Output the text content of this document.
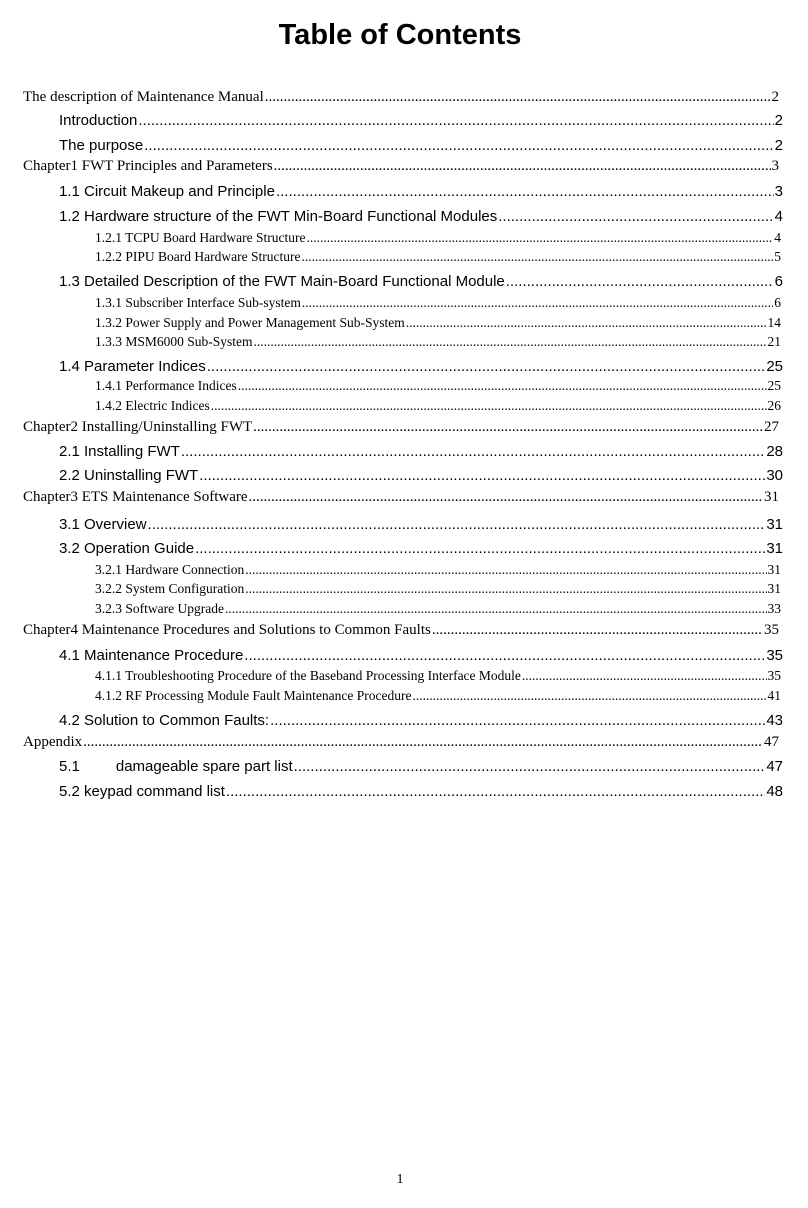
Table of Contents
The description of Maintenance Manual .....	2
Introduction .....	2
The purpose .....	2
Chapter1 FWT Principles and Parameters .....	3
1.1 Circuit Makeup and Principle .....	3
1.2 Hardware structure of the FWT Min-Board Functional Modules .....	4
1.2.1 TCPU Board Hardware Structure .....	4
1.2.2 PIPU Board Hardware Structure .....	5
1.3 Detailed Description of the FWT Main-Board Functional Module .....	6
1.3.1 Subscriber Interface Sub-system .....	6
1.3.2 Power Supply and Power Management Sub-System .....	14
1.3.3 MSM6000 Sub-System .....	21
1.4 Parameter Indices .....	25
1.4.1 Performance Indices .....	25
1.4.2 Electric Indices .....	26
Chapter2 Installing/Uninstalling FWT .....	27
2.1 Installing FWT .....	28
2.2 Uninstalling FWT .....	30
Chapter3 ETS Maintenance Software .....	31
3.1 Overview .....	31
3.2 Operation Guide .....	31
3.2.1 Hardware Connection .....	31
3.2.2 System Configuration .....	31
3.2.3 Software Upgrade .....	33
Chapter4 Maintenance Procedures and Solutions to Common Faults .....	35
4.1 Maintenance Procedure .....	35
4.1.1 Troubleshooting Procedure of the Baseband Processing Interface Module .....	35
4.1.2 RF Processing Module Fault Maintenance Procedure .....	41
4.2 Solution to Common Faults: .....	43
Appendix .....	47
5.1 damageable spare part list .....	47
5.2 keypad command list .....	48
1
